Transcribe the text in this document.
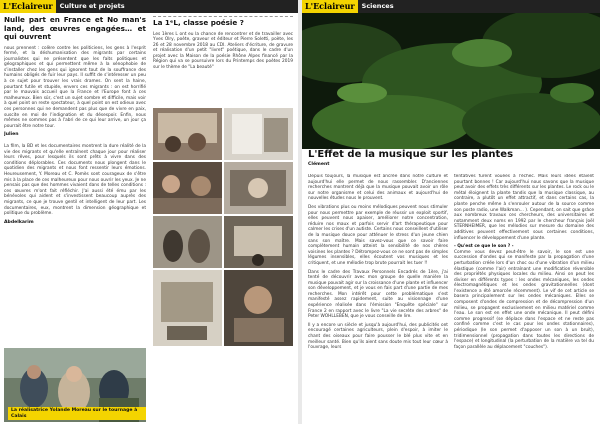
L'Eclaireur	Culture et projets
Nulle part en France et No man's land, des œuvres engagées… et qui ouvrent
nous prennent : colère contre les politiciens, les gens à l'esprit fermé, et la déshumanisation des migrants par certains journalistes qui ne présentent que les faits politiques et géographiques et qui permettent même à la xénophobie de s'installer chez les gens qui ignorent tout de la souffrance des humains obligés de fuir leur pays. Il suffit de s'intéresser un peu à ce sujet pour trouver les vrais drames. On sent la haine, pourtant futile et stupide, envers ces migrants : on est horrifié par le mauvais accueil que la France et l'Europe font à ces malheureux. Bien sûr, c'est un sujet sombre et difficile, mais voir à quel point on reste spectateur, à quel point on est odieux avec ces personnes qui ne demandent pas plus que de vivre en paix, suscite en moi de l'indignation et du désespoir. Enfin, nous mêmes ne sommes pas à l'abri de ce qui leur arrive, un jour ça pourrait être notre tour.
Julien
La film, la BD et les documentaires montrent la dure réalité de la vie des migrants et qu'elle entraînent chaque jour pour réaliser leurs rêves, pour lesquels ils sont prêts à vivre dans des conditions déplorables. Ces documents nous plongent dans le quotidien des migrants et nous font ressentir leurs émotions. Heureusement, Y. Moreau et C. Pomès sont courageux de s'être mis à la place de ces malheureux pour nous ouvrir les yeux. Je ne pensais pas que des hommes vivaient dans de telles conditions : ces œuvres m'ont fait réfléchir. J'ai aussi été ému par les bénévoles qui aident et s'investissent beaucoup auprès des migrants, ce que je trouve gentil et intelligent de leur part. Les documentaires, eux, montrent la dimension géographique et politique du problème.
Abdelkarim
La réalisatrice Yolande Moreau sur le tournage à Calais
La 1ᵉL, classe poésie ?
Les 1ères L ont eu la chance de rencontrer et de travailler avec Yves Olry, poète, graveur et éditeur et Pierre Soletti, poète, les 26 et 28 novembre 2018 au CDI. Ateliers d'écriture, de gravure et réalisation d'un petit "livret" poétique, dans le cadre d'un projet avec la Maison de la poésie Rhône Alpes financé par la Région qui va se poursuivre lors du Printemps des poètes 2019 sur le thème de "La beauté"
L'Eclaireur	Sciences
L'Effet de la musique sur les plantes
Clément
Depuis toujours, la musique est ancrée dans notre culture et aujourd'hui elle permet de nous rassembler. D'anciennes recherches montrent déjà que la musique pouvait avoir un rôle sur notre organisme et celui des animaux et aujourd'hui de nouvelles études nous le prouvent.
Des vibrations plus ou moins mélodiques peuvent nous stimuler pour nous permettre par exemple de réussir un exploit sportif, elles peuvent nous apaiser, améliorer notre concentration, réduire nos maux et parfois servir d'art thérapeutique pour calmer les crises d'un autiste. Certains nous conseillent d'utiliser de la musique douce pour atténuer le stress d'un jeune chien sans son maître. Mais savez-vous que ce savoir faire complètement humain atteint la sensibilité de nos chères voisines les plantes ? Détrompez-vous ce ne sont pas de simples légumes insensibles, elles écoutent vos musiques et les critiquent, et une mélodie trop brute pourrait les tuer !!
Dans le cadre des Travaux Personnels Encadrés de 1ère, j'ai tenté de découvrir avec mon groupe de quelle manière la musique pouvait agir sur la croissance d'une plante et influencer son développement, et je vous en fais part d'une partie de mes recherches. Mon intérêt pour cette problématique s'est manifesté assez rapidement, suite au visionnage d'une expérience réalisée dans l'émission "Enquête spéciale" sur France 2 en rapport avec le livre "La vie secrète des arbres" de Peter WOHLLEBEN, que je vous conseille de lire.
Il y a encore un siècle et jusqu'à aujourd'hui, des publicités ont encouragé certaines agriculteurs, plein d'espoir, à imiter le chant des oiseaux pour faire pousser le blé plus vite et en meilleur santé. Bien qu'ils aient sans doute mis tout leur cœur à l'ouvrage, leurs
tentatives furent vouées à l'échec. Mais leurs idées étaient pourtant bonnes ! Car aujourd'hui nous savons que la musique peut avoir des effets très différents sur les plantes. Le rock ou le métal éloignent la plante tandis que la musique classique, au contraire, a plutôt un effet attractif, et dans certains cas, la plante penche même à s'enrouler autour de la source comme son poste radio, une Walkman... ). Cependant, on sait que grâce aux nombreux travaux ces chercheurs, des universitaires et notamment deux noms en 1992 par le chercheur français Joël STERNHEIMER, que les mélodies sur mesure du domaine des additives peuvent effectivement sous certaines conditions, influencer le développement d'une plante.
- Qu'est ce que le son ? -
Comme vous devez peut-être le savoir, le son est une succession d'ondes qui se manifeste par la propagation d'une perturbation créée lors d'un choc ou d'une vibration d'un milieu élastique (comme l'air) entraînant une modification réversible des propriétés physiques locales du milieu. Ainsi on peut les diviser en différents types : les ondes mécaniques, les ondes électromagnétiques et les ondes gravitationnelles (dont l'existence a été amorcée récemment). Le vif de cet article se basera principalement sur les ondes mécaniques. Elles se composent d'ondes de compression et de décompression d'un milieu, se propagent exclusivement en milieu matériel comme l'eau. Le son est en effet une onde mécanique. Il peut défini comme progressif (se déplace dans l'espace et ne reste pas confiné comme c'est le cas pour les ondes stationnaires), périodique (le son permet d'apposer un son à un bruit), tridimensionnel (propagation dans toutes les directions de l'espace) et longitudinal (la perturbation de la matière va tel du façon parallèle au déplacement "couches").
